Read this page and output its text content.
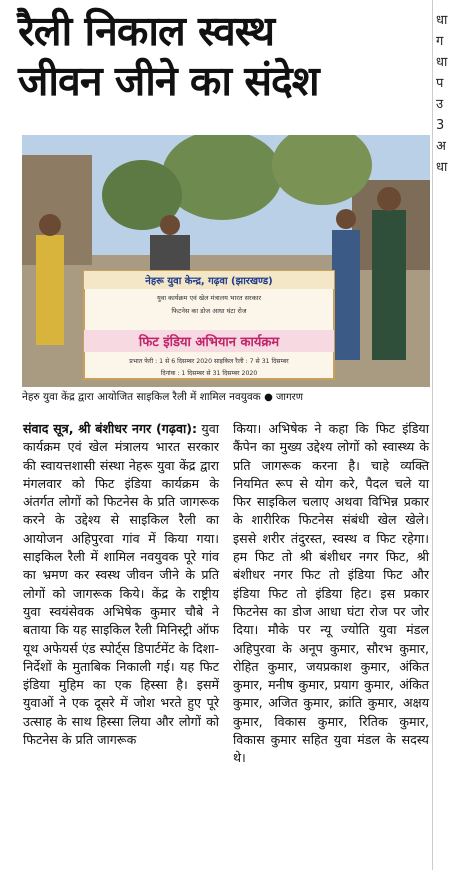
रैली निकाल स्वस्थ
जीवन जीने का संदेश
नेहरू युवा केन्द्र, गढ़वा (झारखण्ड)
युवा कार्यक्रम एवं खेल मंत्रालय भारत सरकार
फिटनेस का डोज आधा घंटा रोज
फिट इंडिया अभियान कार्यक्रम
प्रभात फेरी : 1 से 6 दिसम्बर 2020 साइकिल रैली : 7 से 31 दिसम्बर
दिनांक : 1 दिसम्बर से 31 दिसम्बर 2020
नेहरु युवा केंद्र द्वारा आयोजित साइकिल रैली में शामिल नवयुवक ● जागरण
संवाद सूत्र, श्री बंशीधर नगर (गढ़वा): युवा कार्यक्रम एवं खेल मंत्रालय भारत सरकार की स्वायत्तशासी संस्था नेहरू युवा केंद्र द्वारा मंगलवार को फिट इंडिया कार्यक्रम के अंतर्गत लोगों को फिटनेस के प्रति जागरूक करने के उद्देश्य से साइकिल रैली का आयोजन अहिपुरवा गांव में किया गया। साइकिल रैली में शामिल नवयुवक पूरे गांव का भ्रमण कर स्वस्थ जीवन जीने के प्रति लोगों को जागरूक किये। केंद्र के राष्ट्रीय युवा स्वयंसेवक अभिषेक कुमार चौबे ने बताया कि यह साइकिल रैली मिनिस्ट्री ऑफ यूथ अफेयर्स एंड स्पोर्ट्स डिपार्टमेंट के दिशा-निर्देशों के मुताबिक निकाली गई। यह फिट इंडिया मुहिम का एक हिस्सा है। इसमें युवाओं ने एक दूसरे में जोश भरते हुए पूरे उत्साह के साथ हिस्सा लिया और लोगों को फिटनेस के प्रति जागरूक
किया। अभिषेक ने कहा कि फिट इंडिया कैंपेन का मुख्य उद्देश्य लोगों को स्वास्थ्य के प्रति जागरूक करना है। चाहे व्यक्ति नियमित रूप से योग करे, पैदल चले या फिर साइकिल चलाए अथवा विभिन्न प्रकार के शारीरिक फिटनेस संबंधी खेल खेले। इससे शरीर तंदुरस्त, स्वस्थ व फिट रहेगा। हम फिट तो श्री बंशीधर नगर फिट, श्री बंशीधर नगर फिट तो इंडिया फिट और इंडिया फिट तो इंडिया हिट। इस प्रकार फिटनेस का डोज आधा घंटा रोज पर जोर दिया। मौके पर न्यू ज्योति युवा मंडल अहिपुरवा के अनूप कुमार, सौरभ कुमार, रोहित कुमार, जयप्रकाश कुमार, अंकित कुमार, मनीष कुमार, प्रयाग कुमार, अंकित कुमार, अजित कुमार, क्रांति कुमार, अक्षय कुमार, विकास कुमार, रितिक कुमार, विकास कुमार सहित युवा मंडल के सदस्य थे।
धा
ग
धा
प
उ
3
अ
धा
